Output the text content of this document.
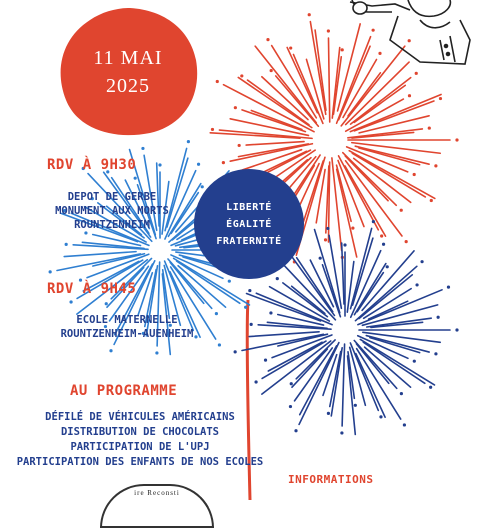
11 MAI
2025
RDV À 9H30
DEPOT DE GERBE
MONUMENT AUX MORTS
ROUNTZENHEIM
LIBERTÉ
ÉGALITÉ
FRATERNITÉ
RDV À 9H45
ECOLE MATERNELLE
ROUNTZENHEIM-AUENHEIM
AU PROGRAMME
DÉFILÉ DE VÉHICULES AMÉRICAINS
DISTRIBUTION DE CHOCOLATS
PARTICIPATION DE L'UPJ
PARTICIPATION DES ENFANTS DE NOS ECOLES
INFORMATIONS
ire Reconsti
